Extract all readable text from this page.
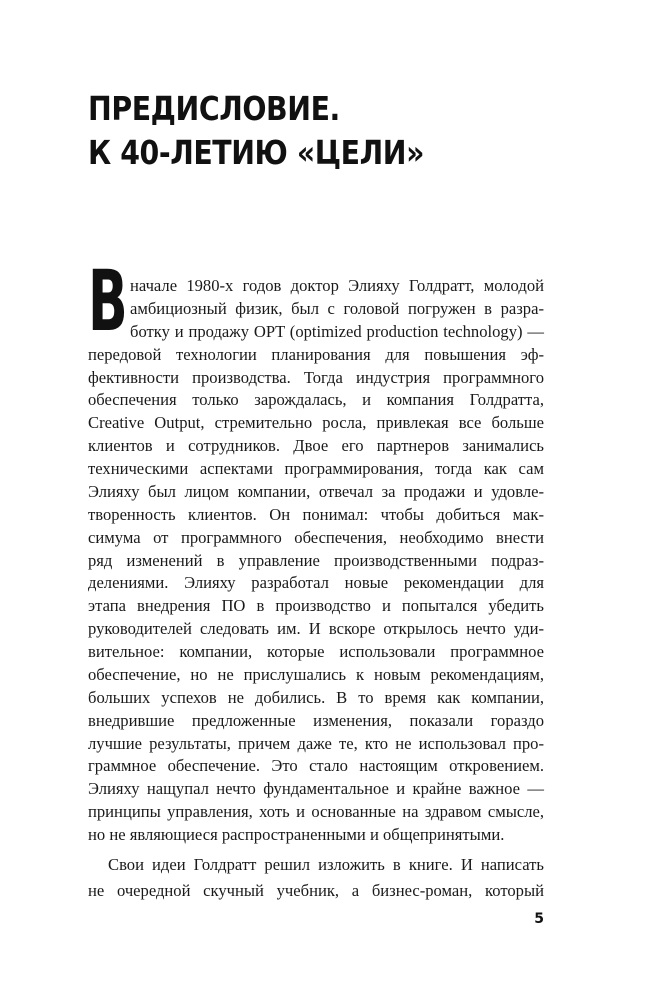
ПРЕДИСЛОВИЕ.
К 40-ЛЕТИЮ «ЦЕЛИ»
В начале 1980-х годов доктор Элияху Голдратт, молодой
амбициозный физик, был с головой погружен в разра-
ботку и продажу OPT (optimized production technology) —
передовой технологии планирования для повышения эф-
фективности производства. Тогда индустрия программного
обеспечения только зарождалась, и компания Голдратта,
Creative Output, стремительно росла, привлекая все больше
клиентов и сотрудников. Двое его партнеров занимались
техническими аспектами программирования, тогда как сам
Элияху был лицом компании, отвечал за продажи и удовле-
творенность клиентов. Он понимал: чтобы добиться мак-
симума от программного обеспечения, необходимо внести
ряд изменений в управление производственными подраз-
делениями. Элияху разработал новые рекомендации для
этапа внедрения ПО в производство и попытался убедить
руководителей следовать им. И вскоре открылось нечто уди-
вительное: компании, которые использовали программное
обеспечение, но не прислушались к новым рекомендациям,
больших успехов не добились. В то время как компании,
внедрившие предложенные изменения, показали гораздо
лучшие результаты, причем даже те, кто не использовал про-
граммное обеспечение. Это стало настоящим откровением.
Элияху нащупал нечто фундаментальное и крайне важное —
принципы управления, хоть и основанные на здравом смысле,
но не являющиеся распространенными и общепринятыми.
Свои идеи Голдратт решил изложить в книге. И написать
не очередной скучный учебник, а бизнес-роман, который
5
